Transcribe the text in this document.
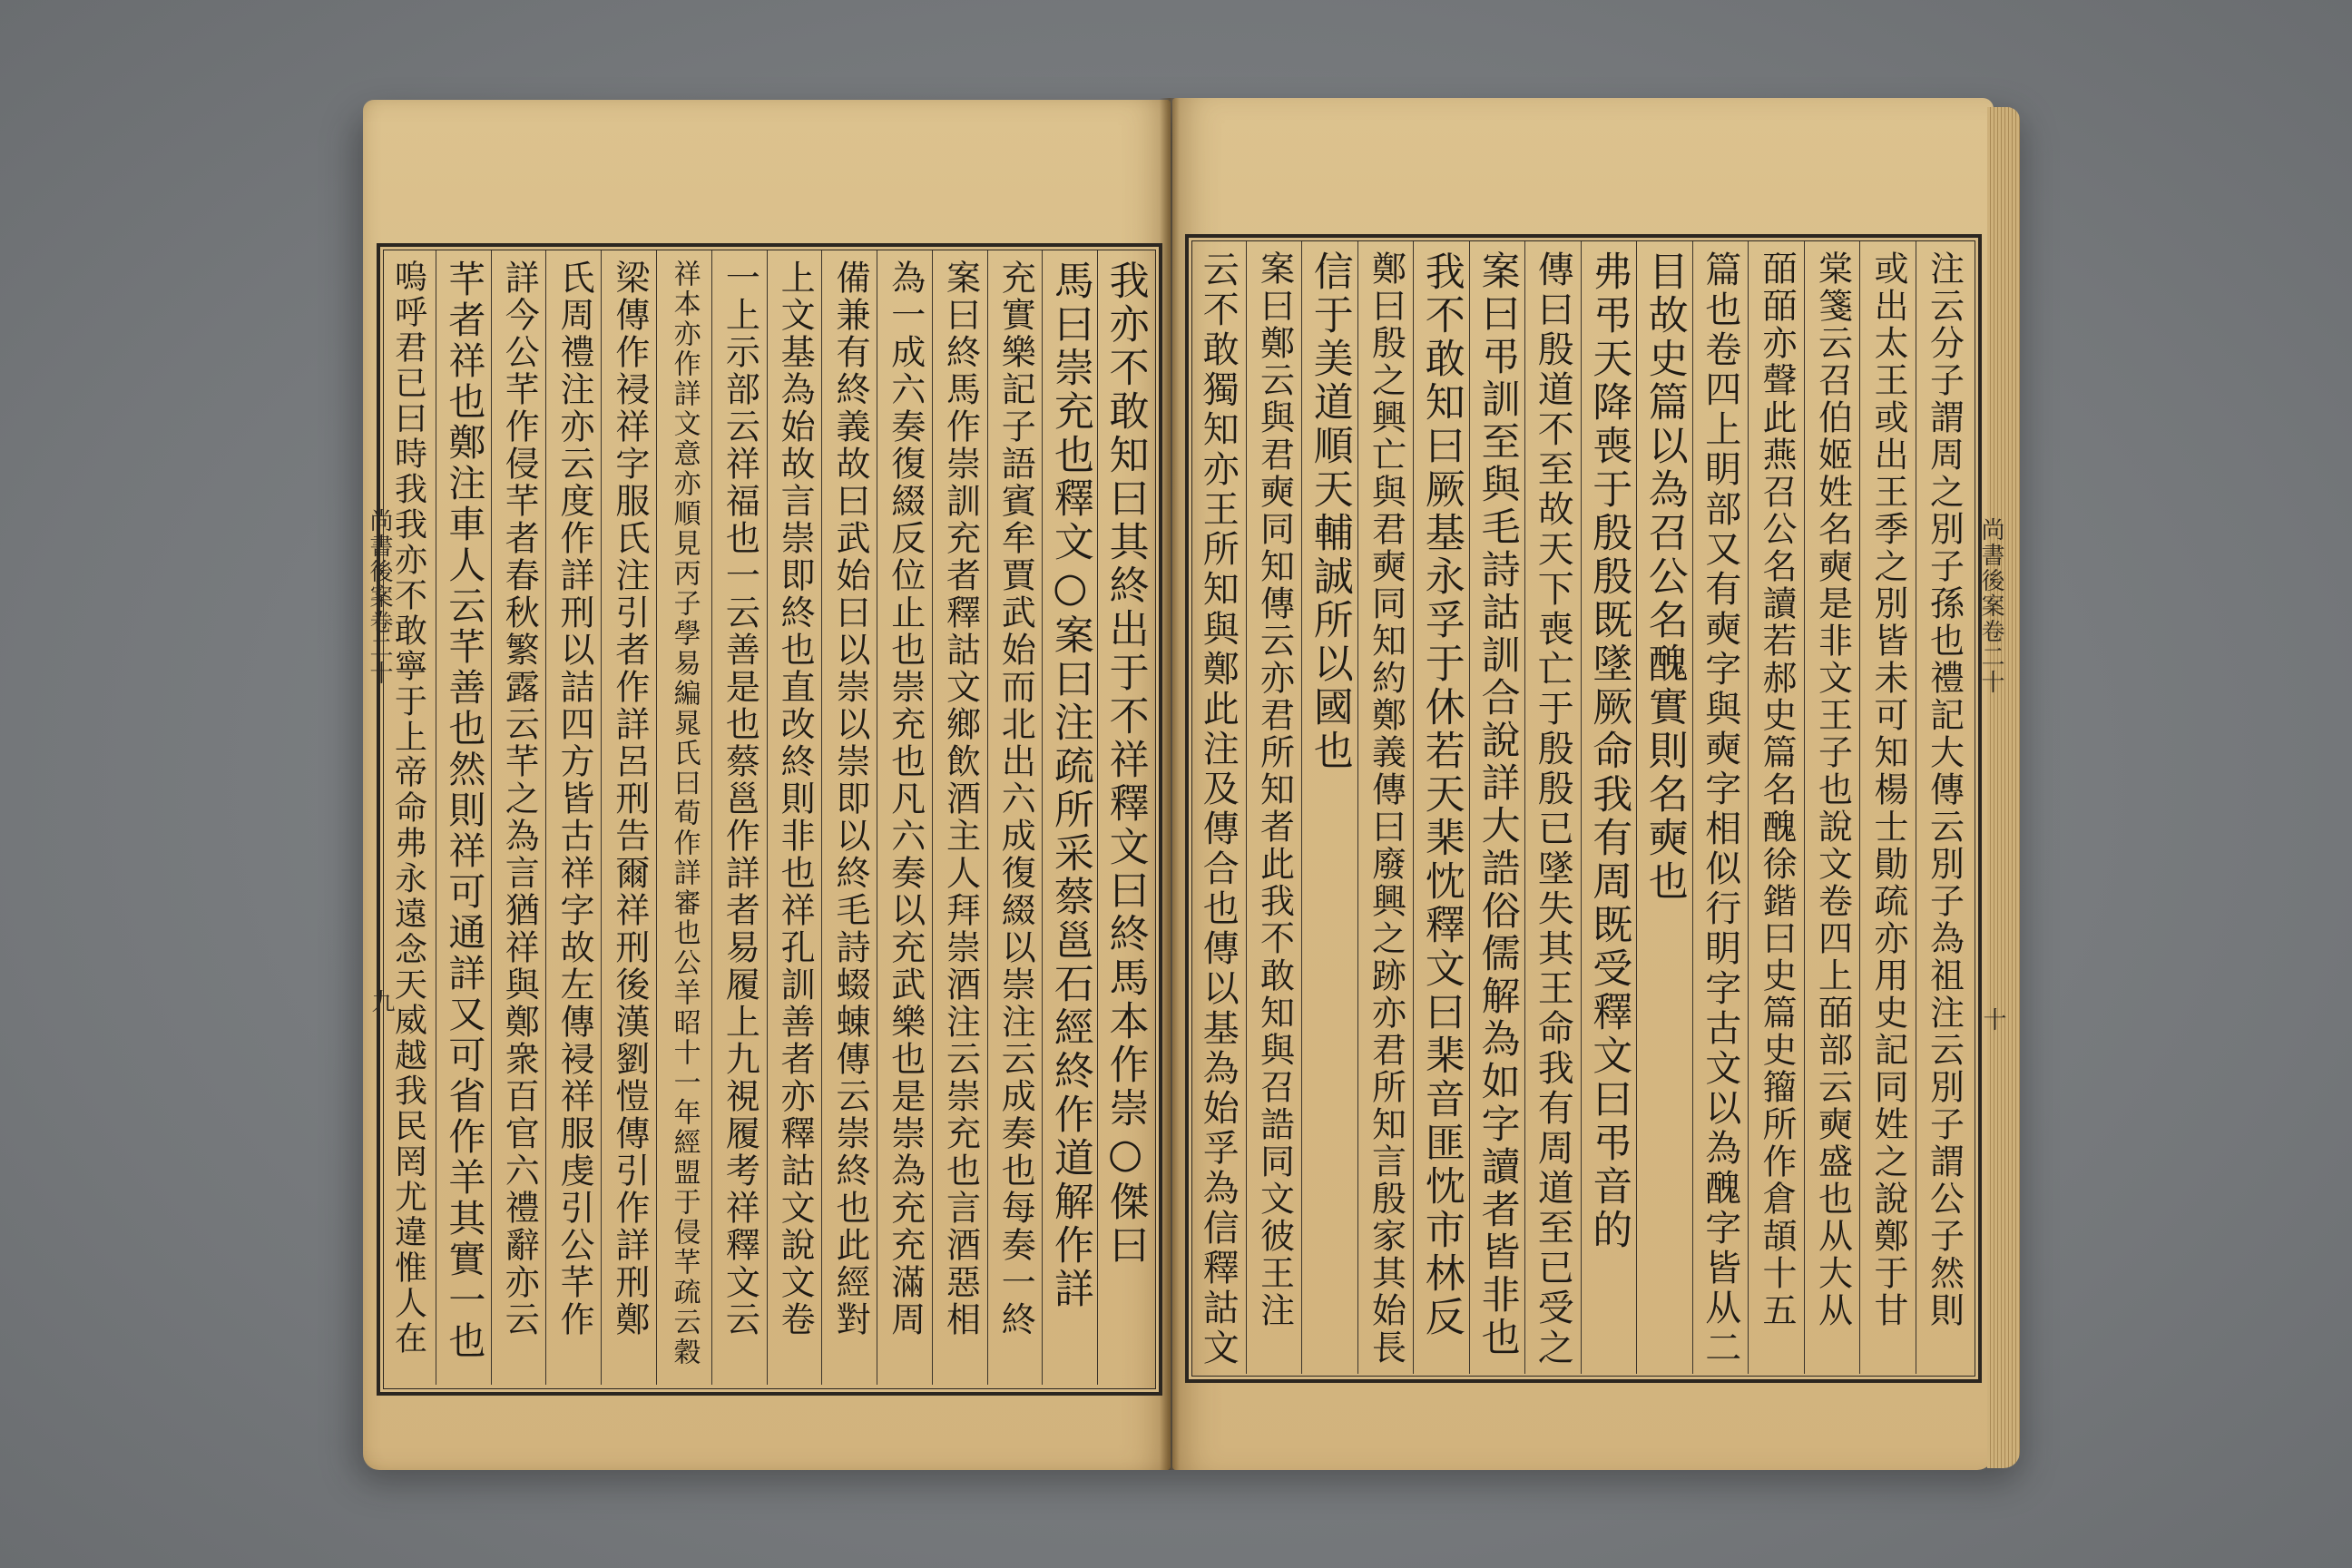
尚書後案卷二十
九
尚書後案卷二十
十
我亦不敢知曰其終出于不祥釋文曰終馬本作崇○傑曰
馬曰崇充也釋文○案曰注疏所采蔡邕石經終作道解作詳
充實樂記子語賓牟賈武始而北出六成復綴以崇注云成奏也每奏一終
案曰終馬作崇訓充者釋詁文鄉飲酒主人拜崇酒注云崇充也言酒惡相
為一成六奏復綴反位止也崇充也凡六奏以充武樂也是崇為充充滿周
備兼有終義故曰武始曰以崇以崇即以終毛詩蝃蝀傳云崇終也此經對
上文基為始故言崇即終也直改終則非也祥孔訓善者亦釋詁文說文卷
一上示部云祥福也一云善是也蔡邕作詳者易履上九視履考祥釋文云
祥本亦作詳文意亦順見丙子學易編晁氏曰荀作詳審也公羊昭十一年經盟于侵芊疏云穀
梁傳作祲祥字服氏注引者作詳呂刑告爾祥刑後漢劉愷傳引作詳刑鄭
氏周禮注亦云度作詳刑以詰四方皆古祥字故左傳祲祥服虔引公芊作
詳今公芊作侵芊者春秋繁露云芊之為言猶祥與鄭衆百官六禮辭亦云
芊者祥也鄭注車人云芊善也然則祥可通詳又可省作羊其實一也
嗚呼君已曰時我我亦不敢寧于上帝命弗永遠念天威越我民罔尤違惟人在	注云分子謂周之別子孫也禮記大傳云別子為祖注云別子謂公子然則
或出太王或出王季之別皆未可知楊士勛疏亦用史記同姓之說鄭于甘
棠箋云召伯姬姓名奭是非文王子也說文卷四上皕部云奭盛也从大从
皕皕亦聲此燕召公名讀若郝史篇名醜徐鍇曰史篇史籀所作倉頡十五
篇也卷四上眀部又有奭字與奭字相似行眀字古文以為醜字皆从二
目故史篇以為召公名醜實則名奭也
弗弔天降喪于殷殷既墜厥命我有周既受釋文曰弔音的
傳曰殷道不至故天下喪亡于殷殷已墜失其王命我有周道至已受之
案曰弔訓至與毛詩詁訓合說詳大誥俗儒解為如字讀者皆非也
我不敢知曰厥基永孚于休若天棐忱釋文曰棐音匪忱市林反
鄭曰殷之興亡與君奭同知約鄭義傳曰廢興之跡亦君所知言殷家其始長
信于美道順天輔誠所以國也
案曰鄭云與君奭同知傳云亦君所知者此我不敢知與召誥同文彼王注
云不敢獨知亦王所知與鄭此注及傳合也傳以基為始孚為信釋詁文
